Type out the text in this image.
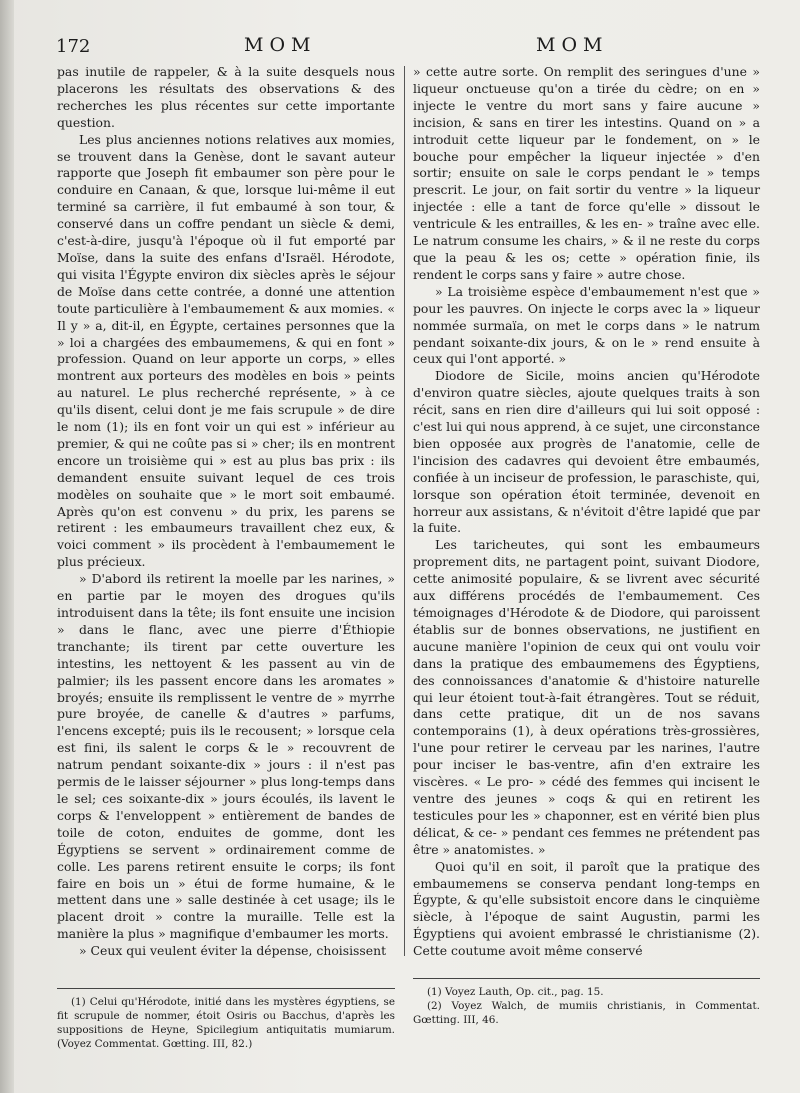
172	MOM	MOM

pas inutile de rappeler, & à la suite desquels nous placerons les résultats des observations & des recherches les plus récentes sur cette importante question.

Les plus anciennes notions relatives aux momies, se trouvent dans la Genèse, dont le savant auteur rapporte que Joseph fit embaumer son père pour le conduire en Canaan, & que, lorsque lui-même il eut terminé sa carrière, il fut embaumé à son tour, & conservé dans un coffre pendant un siècle & demi, c'est-à-dire, jusqu'à l'époque où il fut emporté par Moïse, dans la suite des enfans d'Israël. Hérodote, qui visita l'Égypte environ dix siècles après le séjour de Moïse dans cette contrée, a donné une attention toute particulière à l'embaumement & aux momies. « Il y » a, dit-il, en Égypte, certaines personnes que la » loi a chargées des embaumemens, & qui en font » profession. Quand on leur apporte un corps, » elles montrent aux porteurs des modèles en bois » peints au naturel. Le plus recherché représente, » à ce qu'ils disent, celui dont je me fais scrupule » de dire le nom (1); ils en font voir un qui est » inférieur au premier, & qui ne coûte pas si » cher; ils en montrent encore un troisième qui » est au plus bas prix : ils demandent ensuite suivant lequel de ces trois modèles on souhaite que » le mort soit embaumé. Après qu'on est convenu » du prix, les parens se retirent : les embaumeurs travaillent chez eux, & voici comment » ils procèdent à l'embaumement le plus précieux.

» D'abord ils retirent la moelle par les narines, » en partie par le moyen des drogues qu'ils introduisent dans la tête; ils font ensuite une incision » dans le flanc, avec une pierre d'Éthiopie tranchante; ils tirent par cette ouverture les intestins, les nettoyent & les passent au vin de palmier; ils les passent encore dans les aromates » broyés; ensuite ils remplissent le ventre de » myrrhe pure broyée, de canelle & d'autres » parfums, l'encens excepté; puis ils le recousent; » lorsque cela est fini, ils salent le corps & le » recouvrent de natrum pendant soixante-dix » jours : il n'est pas permis de le laisser séjourner » plus long-temps dans le sel; ces soixante-dix » jours écoulés, ils lavent le corps & l'enveloppent » entièrement de bandes de toile de coton, enduites de gomme, dont les Égyptiens se servent » ordinairement comme de colle. Les parens retirent ensuite le corps; ils font faire en bois un » étui de forme humaine, & le mettent dans une » salle destinée à cet usage; ils le placent droit » contre la muraille. Telle est la manière la plus » magnifique d'embaumer les morts.

» Ceux qui veulent éviter la dépense, choisissent

» cette autre sorte. On remplit des seringues d'une » liqueur onctueuse qu'on a tirée du cèdre; on en » injecte le ventre du mort sans y faire aucune » incision, & sans en tirer les intestins. Quand on » a introduit cette liqueur par le fondement, on » le bouche pour empêcher la liqueur injectée » d'en sortir; ensuite on sale le corps pendant le » temps prescrit. Le jour, on fait sortir du ventre » la liqueur injectée : elle a tant de force qu'elle » dissout le ventricule & les entrailles, & les en- » traîne avec elle. Le natrum consume les chairs, » & il ne reste du corps que la peau & les os; cette » opération finie, ils rendent le corps sans y faire » autre chose.

» La troisième espèce d'embaumement n'est que » pour les pauvres. On injecte le corps avec la » liqueur nommée surmaïa, on met le corps dans » le natrum pendant soixante-dix jours, & on le » rend ensuite à ceux qui l'ont apporté. »

Diodore de Sicile, moins ancien qu'Hérodote d'environ quatre siècles, ajoute quelques traits à son récit, sans en rien dire d'ailleurs qui lui soit opposé : c'est lui qui nous apprend, à ce sujet, une circonstance bien opposée aux progrès de l'anatomie, celle de l'incision des cadavres qui devoient être embaumés, confiée à un inciseur de profession, le paraschiste, qui, lorsque son opération étoit terminée, devenoit en horreur aux assistans, & n'évitoit d'être lapidé que par la fuite.

Les taricheutes, qui sont les embaumeurs proprement dits, ne partagent point, suivant Diodore, cette animosité populaire, & se livrent avec sécurité aux différens procédés de l'embaumement. Ces témoignages d'Hérodote & de Diodore, qui paroissent établis sur de bonnes observations, ne justifient en aucune manière l'opinion de ceux qui ont voulu voir dans la pratique des embaumemens des Égyptiens, des connoissances d'anatomie & d'histoire naturelle qui leur étoient tout-à-fait étrangères. Tout se réduit, dans cette pratique, dit un de nos savans contemporains (1), à deux opérations très-grossières, l'une pour retirer le cerveau par les narines, l'autre pour inciser le bas-ventre, afin d'en extraire les viscères. « Le pro- » cédé des femmes qui incisent le ventre des jeunes » coqs & qui en retirent les testicules pour les » chaponner, est en vérité bien plus délicat, & ce- » pendant ces femmes ne prétendent pas être » anatomistes. »

Quoi qu'il en soit, il paroît que la pratique des embaumemens se conserva pendant long-temps en Égypte, & qu'elle subsistoit encore dans le cinquième siècle, à l'époque de saint Augustin, parmi les Égyptiens qui avoient embrassé le christianisme (2). Cette coutume avoit même conservé

(1) Celui qu'Hérodote, initié dans les mystères égyptiens, se fit scrupule de nommer, étoit Osiris ou Bacchus, d'après les suppositions de Heyne, Spicilegium antiquitatis mumiarum. (Voyez Commentat. Gœtting. III, 82.)

(1) Voyez Lauth, Op. cit., pag. 15.

(2) Voyez Walch, de mumiis christianis, in Commentat. Gœtting. III, 46.
